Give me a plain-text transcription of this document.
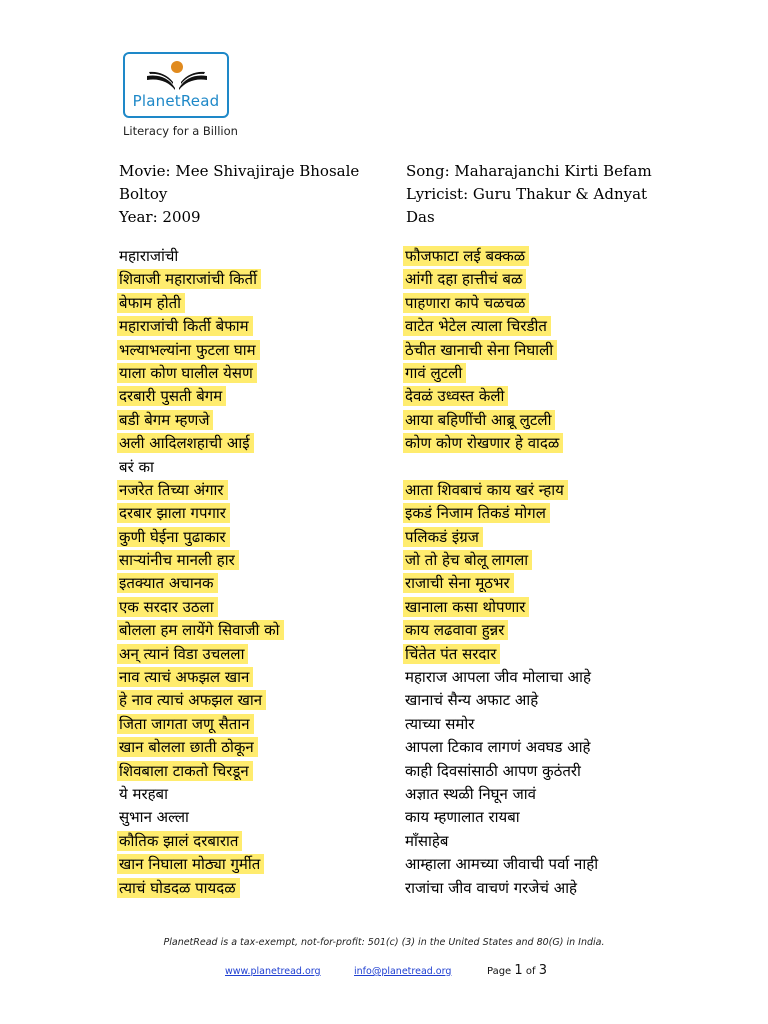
PlanetRead
Literacy for a Billion
Movie: Mee Shivajiraje Bhosale
Boltoy
Year: 2009
Song: Maharajanchi Kirti Befam
Lyricist: Guru Thakur & Adnyat
Das
महाराजांची
शिवाजी महाराजांची किर्ती
बेफाम होती
महाराजांची किर्ती बेफाम
भल्याभल्यांना फुटला घाम
याला कोण घालील येसण
दरबारी पुसती बेगम
बडी बेगम म्हणजे
अली आदिलशहाची आई
बरं का
नजरेत तिच्या अंगार
दरबार झाला गपगार
कुणी घेईना पुढाकार
साऱ्यांनीच मानली हार
इतक्यात अचानक
एक सरदार उठला
बोलला हम लायेंगे सिवाजी को
अन् त्यानं विडा उचलला
नाव त्याचं अफझल खान
हे नाव त्याचं अफझल खान
जिता जागता जणू सैतान
खान बोलला छाती ठोकून
शिवबाला टाकतो चिरडून
ये मरहबा
सुभान अल्ला
कौतिक झालं दरबारात
खान निघाला मोठ्या गुर्मीत
त्याचं घोडदळ पायदळ
फौजफाटा लई बक्कळ
आंगी दहा हात्तीचं बळ
पाहणारा कापे चळचळ
वाटेत भेटेल त्याला चिरडीत
ठेचीत खानाची सेना निघाली
गावं लुटली
देवळं उध्वस्त केली
आया बहिणींची आब्रू लुटली
कोण कोण रोखणार हे वादळ
आता शिवबाचं काय खरं न्हाय
इकडं निजाम तिकडं मोगल
पलिकडं इंग्रज
जो तो हेच बोलू लागला
राजाची सेना मूठभर
खानाला कसा थोपणार
काय लढवावा हुन्नर
चिंतेत पंत सरदार
महाराज आपला जीव मोलाचा आहे
खानाचं सैन्य अफाट आहे
त्याच्या समोर
आपला टिकाव लागणं अवघड आहे
काही दिवसांसाठी आपण कुठंतरी
अज्ञात स्थळी निघून जावं
काय म्हणालात रायबा
माँसाहेब
आम्हाला आमच्या जीवाची पर्वा नाही
राजांचा जीव वाचणं गरजेचं आहे
PlanetRead is a tax-exempt, not-for-profit: 501(c) (3) in the United States and 80(G) in India.
www.planetread.org	info@planetread.org	Page 1 of 3
